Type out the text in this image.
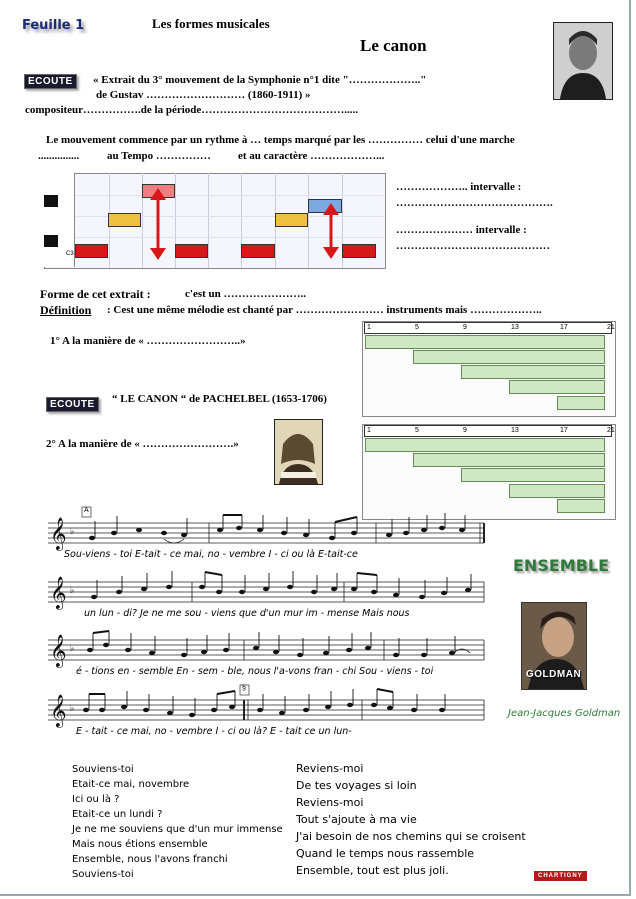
Feuille 1	Les formes musicales
Le canon
ECOUTE	« Extrait du 3° mouvement de la Symphonie n°1 dite "……………….."
de Gustav ……………………… (1860-1911) »
compositeur…………….de la période………………………………….....
Le mouvement commence par un rythme à … temps marqué par les …………… celui d'une marche
...............	au Tempo …………… et au caractère ………………...
C3
……………….. intervalle :
…………………………………….
………………… intervalle :
……………………………………
Forme de cet extrait :	c'est un …………………..
Définition : Cest une même mélodie est chanté par …………………… instruments mais ………………..
1° A la manière de « ……………………..»
1	5	9	13	17	21
ECOUTE	“ LE CANON “ de PACHELBEL (1653-1706)
2° A la manière de « …………………….»
1	5	9	13	17	21
𝄞
𝄞
𝄞
𝄞
♭
♭
♭
♭
A
§
Sou-viens - toi E-tait - ce mai, no - vembre I - ci ou là E-tait-ce
un lun - di? Je ne me sou - viens que d'un mur im - mense Mais nous
é - tions en - semble En - sem - ble, nous l'a-vons fran - chi Sou - viens - toi
E - tait - ce mai, no - vembre I - ci ou là? E - tait ce un lun-
ENSEMBLE
GOLDMAN
Jean-Jacques Goldman
Souviens-toi
Etait-ce mai, novembre
Ici ou là ?
Etait-ce un lundi ?
Je ne me souviens que d'un mur immense
Mais nous étions ensemble
Ensemble, nous l'avons franchi
Souviens-toi
Reviens-moi
De tes voyages si loin
Reviens-moi
Tout s'ajoute à ma vie
J'ai besoin de nos chemins qui se croisent
Quand le temps nous rassemble
Ensemble, tout est plus joli.	CHARTIGNY
